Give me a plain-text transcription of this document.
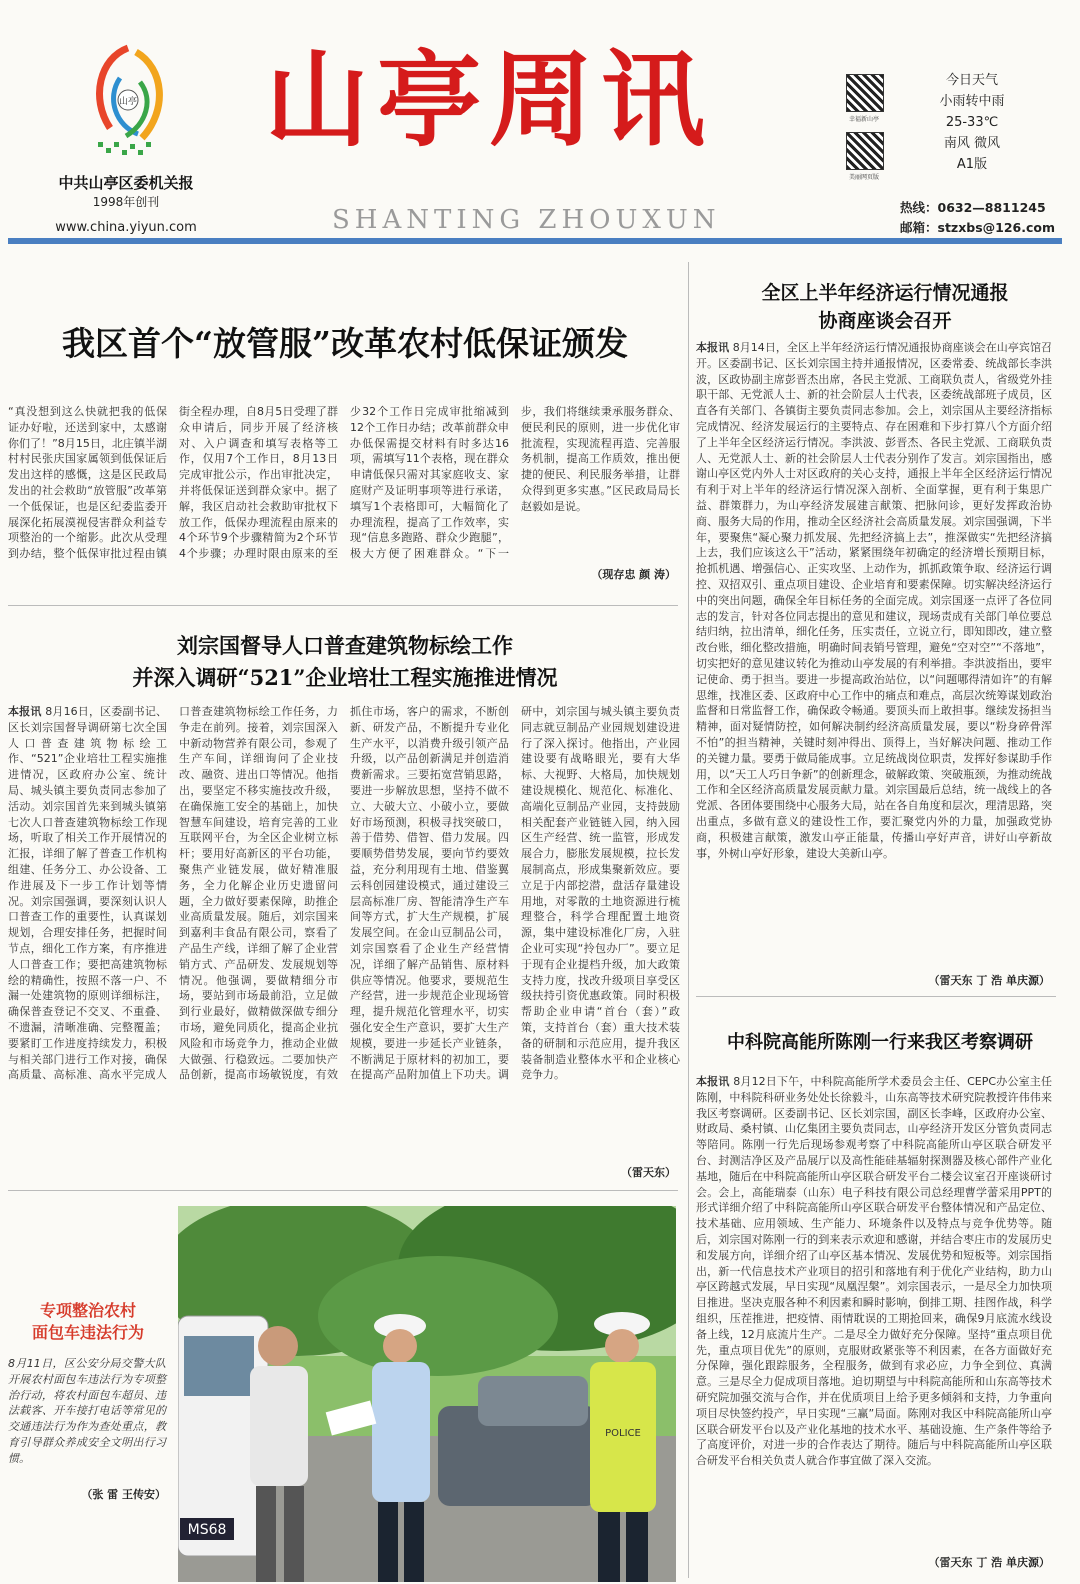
山亭
中共山亭区委机关报
1998年创刊
www.china.yiyun.com
山亭周讯
SHANTING ZHOUXUN
幸福新山亭
美丽网页版
今日天气
小雨转中雨
25-33℃
南风 微风
A1版
热线：0632—8811245
邮箱：stzxbs@126.com
我区首个“放管服”改革农村低保证颁发
“真没想到这么快就把我的低保证办好啦，还送到家中，太感谢你们了！”8月15日，北庄镇半湖村村民张庆国家属领到低保证后发出这样的感慨，这是区民政局发出的社会救助“放管服”改革第一个低保证，也是区纪委监委开展深化拓展漠视侵害群众利益专项整治的一个缩影。此次从受理到办结，整个低保审批过程由镇街全程办理，自8月5日受理了群众申请后，同步开展了经济核对、入户调查和填写表格等工作，仅用7个工作日，8月13日完成审批公示，作出审批决定，并将低保证送到群众家中。据了解，我区启动社会救助审批权下放工作，低保办理流程由原来的4个环节9个步骤精简为2个环节4个步骤；办理时限由原来的至少32个工作日完成审批缩减到12个工作日办结；改革前群众申办低保需提交材料有时多达16项，需填写11个表格，现在群众申请低保只需对其家庭收支、家庭财产及证明事项等进行承诺，填写1个表格即可，大幅简化了办理流程，提高了工作效率，实现“信息多跑路、群众少跑腿”，极大方便了困难群众。“下一步，我们将继续秉承服务群众、便民利民的原则，进一步优化审批流程，实现流程再造、完善服务机制，提高工作质效，推出便捷的便民、利民服务举措，让群众得到更多实惠。”区民政局局长赵毅如是说。
（现存忠 颜 涛）
刘宗国督导人口普查建筑物标绘工作
并深入调研“521”企业培壮工程实施推进情况
本报讯 8月16日，区委副书记、区长刘宗国督导调研第七次全国人口普查建筑物标绘工作、“521”企业培壮工程实施推进情况，区政府办公室、统计局、城头镇主要负责同志参加了活动。刘宗国首先来到城头镇第七次人口普查建筑物标绘工作现场，听取了相关工作开展情况的汇报，详细了解了普查工作机构组建、任务分工、办公设备、工作进展及下一步工作计划等情况。刘宗国强调，要深刻认识人口普查工作的重要性，认真谋划规划，合理安排任务，把握时间节点，细化工作方案，有序推进人口普查工作；要把高建筑物标绘的精确性，按照不落一户、不漏一处建筑物的原则详细标注，确保普查登记不交叉、不重叠、不遗漏，清晰准确、完整覆盖；要紧盯工作进度持续发力，积极与相关部门进行工作对接，确保高质量、高标准、高水平完成人口普查建筑物标绘工作任务，力争走在前列。接着，刘宗国深入中新动物营养有限公司，参观了生产车间，详细询问了企业技改、融资、进出口等情况。他指出，要坚定不移实施技改升级，在确保施工安全的基础上，加快智慧车间建设，培育完善的工业互联网平台，为全区企业树立标杆；要用好高新区的平台功能，聚焦产业链发展，做好精准服务，全力化解企业历史遗留问题，全力做好要素保障，助推企业高质量发展。随后，刘宗国来到嘉利丰食品有限公司，察看了产品生产线，详细了解了企业营销方式、产品研发、发展规划等情况。他强调，要做精细分市场，要站到市场最前沿，立足做到行业最好，做精做深做专细分市场，避免同质化，提高企业抗风险和市场竞争力，推动企业做大做强、行稳致远。二要加快产品创新，提高市场敏锐度，有效抓住市场，客户的需求，不断创新、研发产品，不断提升专业化生产水平，以消费升级引领产品升级，以产品创新满足并创造消费新需求。三要拓宽营销思路，要进一步解放思想，坚持不做不立、大破大立、小破小立，要做好市场预测，积极寻找突破口，善于借势、借智、借力发展。四要顺势借势发展，要向节约要效益，充分利用现有土地、借鉴翼云科创园建设模式，通过建设三层高标准厂房、智能清净生产车间等方式，扩大生产规模，扩展发展空间。在金山豆制品公司，刘宗国察看了企业生产经营情况，详细了解产品销售、原材料供应等情况。他要求，要规范生产经营，进一步规范企业现场管理，提升规范化管理水平，切实强化安全生产意识，要扩大生产规模，要进一步延长产业链条，不断满足于原材料的初加工，要在提高产品附加值上下功夫。调研中，刘宗国与城头镇主要负责同志就豆制品产业园规划建设进行了深入探讨。他指出，产业园建设要有战略眼光，要有大华标、大视野、大格局，加快规划建设规模化、规范化、标准化、高端化豆制品产业园，支持鼓励相关配套产业链链入园，纳入园区生产经营、统一监管，形成发展合力，膨胀发展规模，拉长发展制高点，形成集聚新效应。要立足于内部挖潜，盘活存量建设用地，对零散的土地资源进行梳理整合，科学合理配置土地资源，集中建设标准化厂房，入驻企业可实现“拎包办厂”。要立足于现有企业提档升级，加大政策支持力度，找改升级项目享受区级扶持引资优惠政策。同时积极帮助企业申请“首台（套）”政策，支持首台（套）重大技术装备的研制和示范应用，提升我区装备制造业整体水平和企业核心竞争力。
（雷天东）
全区上半年经济运行情况通报
协商座谈会召开
本报讯 8月14日，全区上半年经济运行情况通报协商座谈会在山亭宾馆召开。区委副书记、区长刘宗国主持并通报情况，区委常委、统战部长李洪波，区政协副主席彭晋杰出席，各民主党派、工商联负责人，省级党外挂职干部、无党派人士、新的社会阶层人士代表，区委统战部班子成员，区直各有关部门、各镇街主要负责同志参加。会上，刘宗国从主要经济指标完成情况、经济发展运行的主要特点、存在困难和下步打算八个方面介绍了上半年全区经济运行情况。李洪波、彭晋杰、各民主党派、工商联负责人、无党派人士、新的社会阶层人士代表分别作了发言。刘宗国指出，感谢山亭区党内外人士对区政府的关心支持，通报上半年全区经济运行情况有利于对上半年的经济运行情况深入剖析、全面掌握，更有利于集思广益、群策群力，为山亭经济发展建言献策、把脉问诊，更好发挥政治协商、服务大局的作用，推动全区经济社会高质量发展。刘宗国强调，下半年，要聚焦“凝心聚力抓发展、先把经济搞上去”，推深做实“先把经济搞上去，我们应该这么干”活动，紧紧围绕年初确定的经济增长预期目标，抢抓机遇、增强信心、正实攻坚、上动作为，抓抓政策争取、经济运行调控、双招双引、重点项目建设、企业培育和要素保障。切实解决经济运行中的突出问题，确保全年目标任务的全面完成。刘宗国逐一点评了各位同志的发言，针对各位同志提出的意见和建议，现场责成有关部门单位要总结归纳，拉出清单，细化任务，压实责任，立说立行，即知即改，建立整改台账，细化整改措施，明确时间表销号管理，避免“空对空”“不落地”，切实把好的意见建议转化为推动山亭发展的有利举措。李洪波指出，要牢记使命、勇于担当。要进一步提高政治站位，以“问题哪得清如许”的有解思维，找准区委、区政府中心工作中的痛点和难点，高层次统筹谋划政治监督和日常监督工作，确保政令畅通。要顶头而上敢担事。继续发扬担当精神，面对疑情防控，如何解决制约经济高质量发展，要以“粉身碎骨浑不怕”的担当精神，关键时刻冲得出、顶得上，当好解决问题、推动工作的关键力量。要勇于做局能成事。立足统战岗位职责，发挥好参谋助手作用，以“天工人巧日争新”的创新理念，破解政策、突破瓶颈，为推动统战工作和全区经济高质量发展贡献力量。刘宗国最后总结，统一战线上的各党派、各团体要围绕中心服务大局，站在各自角度和层次，理清思路，突出重点，多做有意义的建设性工作，要汇聚党内外的力量，加强政党协商，积极建言献策，激发山亭正能量，传播山亭好声音，讲好山亭新故事，外树山亭好形象，建设大美新山亭。
（雷天东 丁 浩 单庆源）
中科院高能所陈刚一行来我区考察调研
本报讯 8月12日下午，中科院高能所学术委员会主任、CEPC办公室主任陈刚，中科院科研业务处处长徐毅斗，山东高等技术研究院教授许伟伟来我区考察调研。区委副书记、区长刘宗国，副区长李峰，区政府办公室、财政局、桑村镇、山亿集团主要负责同志，山亭经济开发区分管负责同志等陪同。陈刚一行先后现场参观考察了中科院高能所山亭区联合研发平台、封测洁净区及产品展厅以及高性能硅基辐射探测器及核心部件产业化基地，随后在中科院高能所山亭区联合研发平台二楼会议室召开座谈研讨会。会上，高能瑞泰（山东）电子科技有限公司总经理曹学蕾采用PPT的形式详细介绍了中科院高能所山亭区联合研发平台整体情况和产品定位、技术基础、应用领域、生产能力、环境条件以及特点与竞争优势等。随后，刘宗国对陈刚一行的到来表示欢迎和感谢，并结合枣庄市的发展历史和发展方向，详细介绍了山亭区基本情况、发展优势和短板等。刘宗国指出，新一代信息技术产业项目的招引和落地有利于优化产业结构，助力山亭区跨越式发展，早日实现“凤凰涅槃”。刘宗国表示，一是尽全力加快项目推进。坚决克服各种不利因素和瞬时影响，倒排工期、挂图作战，科学组织，压茬推进，把疫情、雨情耽误的工期抢回来，确保9月底流水线设备上线，12月底流片生产。二是尽全力做好充分保障。坚持“重点项目优先，重点项目优先”的原则，克服财政紧张等不利因素，在各方面做好充分保障，强化跟踪服务，全程服务，做到有求必应，力争全到位、真满意。三是尽全力促成项目落地。迫切期望与中科院高能所和山东高等技术研究院加强交流与合作，并在优质项目上给予更多倾斜和支持，力争重向项目尽快签约投产，早日实现“三赢”局面。陈刚对我区中科院高能所山亭区联合研发平台以及产业化基地的技术水平、基础设施、生产条件等给予了高度评价，对进一步的合作表达了期待。随后与中科院高能所山亭区联合研发平台相关负责人就合作事宜做了深入交流。
（雷天东 丁 浩 单庆源）
专项整治农村
面包车违法行为
8月11日，区公安分局交警大队开展农村面包车违法行为专项整治行动，将农村面包车超员、违法载客、开车接打电话等常见的交通违法行为作为查处重点，教育引导群众养成安全文明出行习惯。
（张 雷 王传安）
MS68
POLICE
